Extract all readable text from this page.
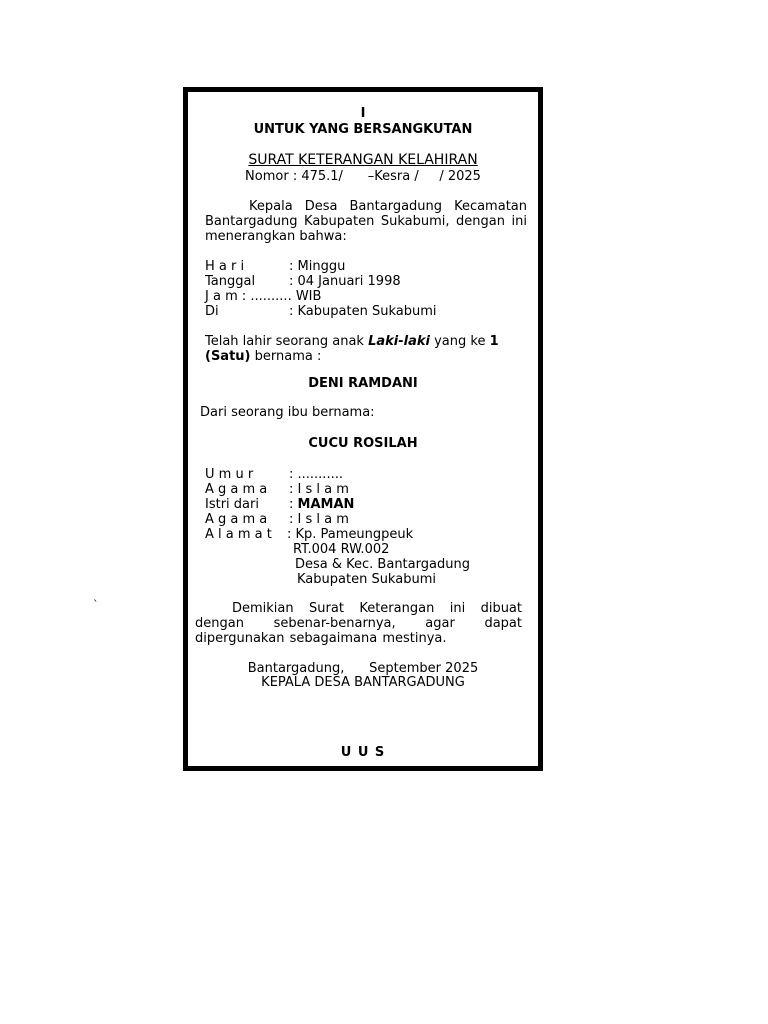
`
I
UNTUK YANG BERSANGKUTAN
SURAT KETERANGAN KELAHIRAN
Nomor : 475.1/      –Kesra /     / 2025
Kepala Desa Bantargadung Kecamatan Bantargadung Kabupaten Sukabumi, dengan ini menerangkan bahwa:
H a r i	: Minggu
Tanggal	: 04 Januari 1998
J a m : .......... WIB
Di	: Kabupaten Sukabumi
Telah lahir seorang anak Laki-laki yang ke 1 (Satu) bernama :
DENI RAMDANI
Dari seorang ibu bernama:
CUCU ROSILAH
U m u r	: ...........
A g a m a : I s l a m
Istri dari : MAMAN
A g a m a : I s l a m
A l a m a t : Kp. Pameungpeuk
RT.004 RW.002
Desa & Kec. Bantargadung
Kabupaten Sukabumi
Demikian Surat Keterangan ini dibuat dengan sebenar-benarnya, agar dapat dipergunakan sebagaimana mestinya.
Bantargadung,      September 2025
KEPALA DESA BANTARGADUNG
U U S
